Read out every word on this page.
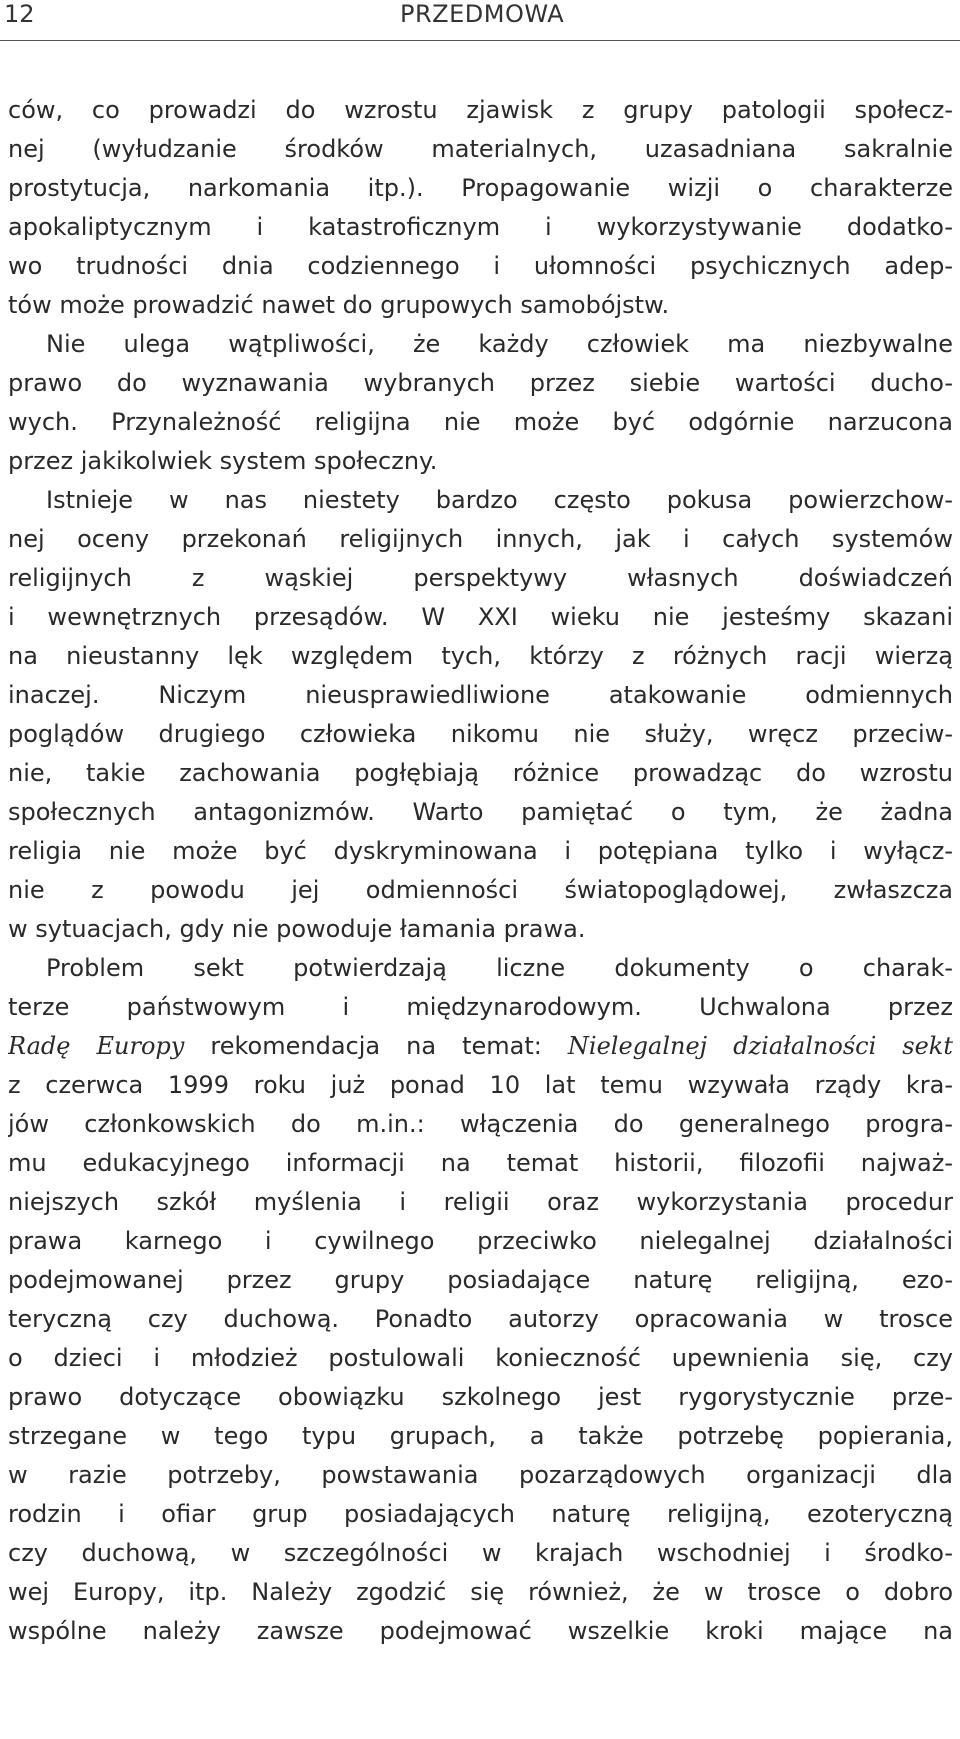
12	PRZEDMOWA
ców, co prowadzi do wzrostu zjawisk z grupy patologii społecz-
nej (wyłudzanie środków materialnych, uzasadniana sakralnie
prostytucja, narkomania itp.). Propagowanie wizji o charakterze
apokaliptycznym i katastroficznym i wykorzystywanie dodatko-
wo trudności dnia codziennego i ułomności psychicznych adep-
tów może prowadzić nawet do grupowych samobójstw.
Nie ulega wątpliwości, że każdy człowiek ma niezbywalne
prawo do wyznawania wybranych przez siebie wartości ducho-
wych. Przynależność religijna nie może być odgórnie narzucona
przez jakikolwiek system społeczny.
Istnieje w nas niestety bardzo często pokusa powierzchow-
nej oceny przekonań religijnych innych, jak i całych systemów
religijnych z wąskiej perspektywy własnych doświadczeń
i wewnętrznych przesądów. W XXI wieku nie jesteśmy skazani
na nieustanny lęk względem tych, którzy z różnych racji wierzą
inaczej. Niczym nieusprawiedliwione atakowanie odmiennych
poglądów drugiego człowieka nikomu nie służy, wręcz przeciw-
nie, takie zachowania pogłębiają różnice prowadząc do wzrostu
społecznych antagonizmów. Warto pamiętać o tym, że żadna
religia nie może być dyskryminowana i potępiana tylko i wyłącz-
nie z powodu jej odmienności światopoglądowej, zwłaszcza
w sytuacjach, gdy nie powoduje łamania prawa.
Problem sekt potwierdzają liczne dokumenty o charak-
terze państwowym i międzynarodowym. Uchwalona przez
Radę Europy rekomendacja na temat: Nielegalnej działalności sekt
z czerwca 1999 roku już ponad 10 lat temu wzywała rządy kra-
jów członkowskich do m.in.: włączenia do generalnego progra-
mu edukacyjnego informacji na temat historii, filozofii najważ-
niejszych szkół myślenia i religii oraz wykorzystania procedur
prawa karnego i cywilnego przeciwko nielegalnej działalności
podejmowanej przez grupy posiadające naturę religijną, ezo-
teryczną czy duchową. Ponadto autorzy opracowania w trosce
o dzieci i młodzież postulowali konieczność upewnienia się, czy
prawo dotyczące obowiązku szkolnego jest rygorystycznie prze-
strzegane w tego typu grupach, a także potrzebę popierania,
w razie potrzeby, powstawania pozarządowych organizacji dla
rodzin i ofiar grup posiadających naturę religijną, ezoteryczną
czy duchową, w szczególności w krajach wschodniej i środko-
wej Europy, itp. Należy zgodzić się również, że w trosce o dobro
wspólne należy zawsze podejmować wszelkie kroki mające na
